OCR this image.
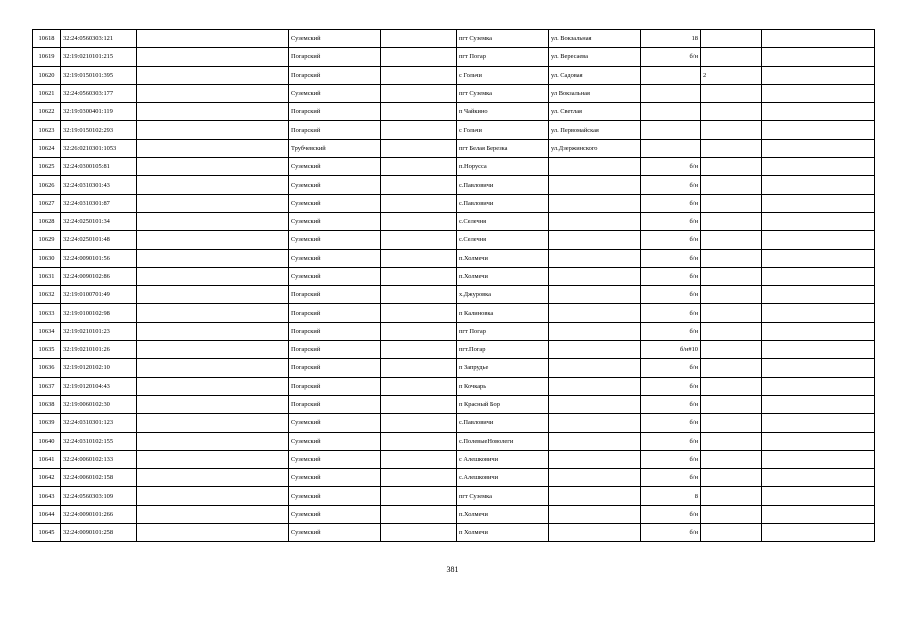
10618	32:24:0560303:121		Суземский		пгт Суземка	ул. Вокзальная	18		
10619	32:19:0210101:215		Погарский		пгт Погар	ул. Вересаева	б/н		
10620	32:19:0150101:395		Погарский		с Гольчи	ул. Садовая		2	
10621	32:24:0560303:177		Суземский		пгт Суземка	ул Вокзальная			
10622	32:19:0300401:119		Погарский		п Чайкино	ул. Светлая			
10623	32:19:0150102:293		Погарский		с Гольчи	ул. Первомайская			
10624	32:26:0210301:1053		Трубчевский		пгт Белая Березка	ул.Дзержинского			
10625	32:24:0300105:81		Суземский		п.Норусса		б/н		
10626	32:24:0310301:43		Суземский		с.Павловичи		б/н		
10627	32:24:0310301:87		Суземский		с.Павловичи		б/н		
10628	32:24:0250101:34		Суземский		с.Селечня		б/н		
10629	32:24:0250101:48		Суземский		с.Селечня		б/н		
10630	32:24:0090101:56		Суземский		п.Холмечи		б/н		
10631	32:24:0090102:86		Суземский		п.Холмечи		б/н		
10632	32:19:0100701:49		Погарский		х.Джуровка		б/н		
10633	32:19:0100102:98		Погарский		п Калиновка		б/н		
10634	32:19:0210101:23		Погарский		пгт Погар		б/н		
10635	32:19:0210101:26		Погарский		пгт.Погар		б/н#10		
10636	32:19:0120102:10		Погарский		п Запрудье		б/н		
10637	32:19:0120104:43		Погарский		п Кочкарь		б/н		
10638	32:19:0060102:30		Погарский		п Красный Бор		б/н		
10639	32:24:0310301:123		Суземский		с.Павловичи		б/н		
10640	32:24:0310102:155		Суземский		с.ПолевыеНоволеги		б/н		
10641	32:24:0060102:133		Суземский		с Алешковичи		б/н		
10642	32:24:0060102:158		Суземский		с.Алешковичи		б/н		
10643	32:24:0560303:109		Суземский		пгт Суземка		8		
10644	32:24:0090101:266		Суземский		п.Холмечи		б/н		
10645	32:24:0090101:258		Суземский		п Холмечи		б/н		
381
